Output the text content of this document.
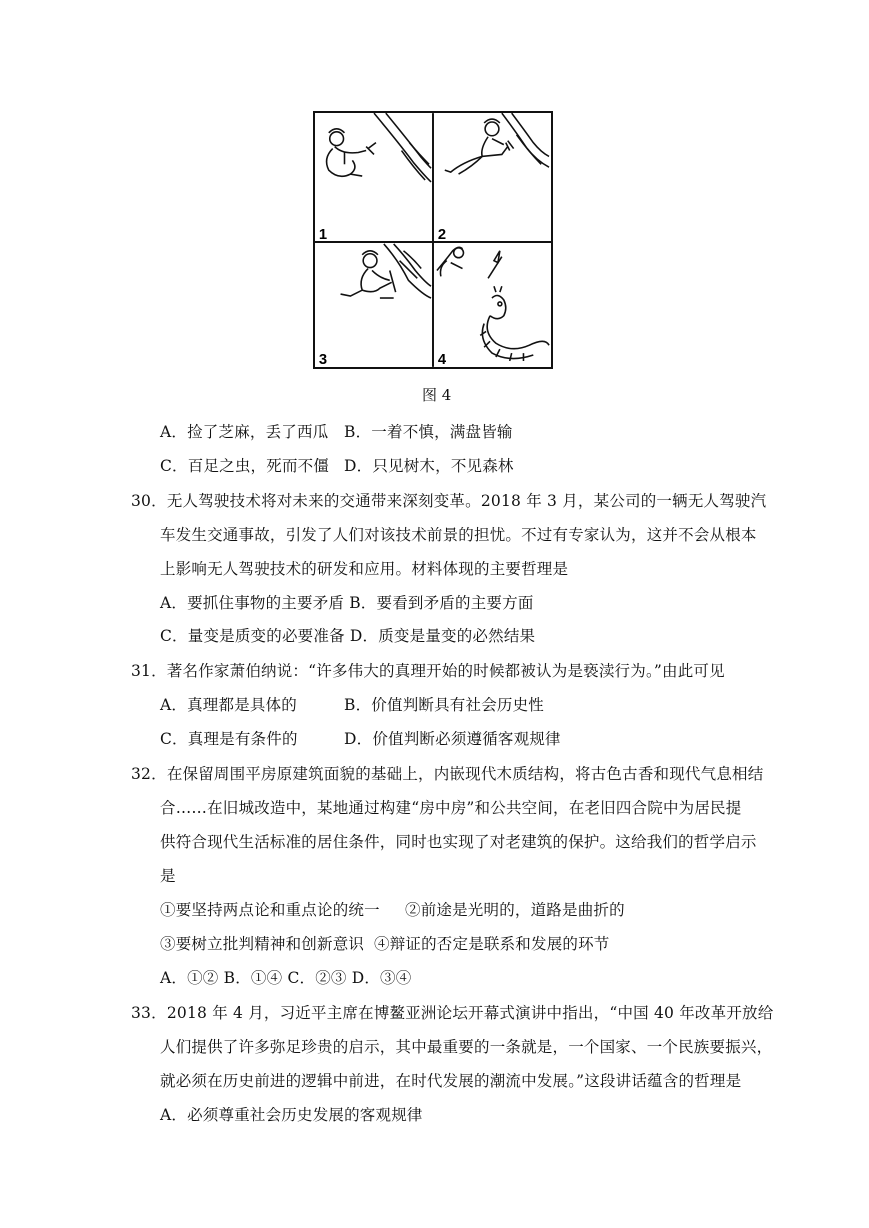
1	2
3	4
图 4
A．捡了芝麻，丢了西瓜 B．一着不慎，满盘皆输
C．百足之虫，死而不僵 D．只见树木，不见森林
30．无人驾驶技术将对未来的交通带来深刻变革。2018 年 3 月，某公司的一辆无人驾驶汽
车发生交通事故，引发了人们对该技术前景的担忧。不过有专家认为，这并不会从根本
上影响无人驾驶技术的研发和应用。材料体现的主要哲理是
A．要抓住事物的主要矛盾 B．要看到矛盾的主要方面
C．量变是质变的必要准备 D．质变是量变的必然结果
31．著名作家萧伯纳说：“许多伟大的真理开始的时候都被认为是亵渎行为。”由此可见
A．真理都是具体的	B．价值判断具有社会历史性
C．真理是有条件的	D．价值判断必须遵循客观规律
32．在保留周围平房原建筑面貌的基础上，内嵌现代木质结构，将古色古香和现代气息相结
合……在旧城改造中，某地通过构建“房中房”和公共空间，在老旧四合院中为居民提
供符合现代生活标准的居住条件，同时也实现了对老建筑的保护。这给我们的哲学启示
是
①要坚持两点论和重点论的统一 ②前途是光明的，道路是曲折的
③要树立批判精神和创新意识 ④辩证的否定是联系和发展的环节
A．①② B．①④ C．②③ D．③④
33．2018 年 4 月，习近平主席在博鳌亚洲论坛开幕式演讲中指出，“中国 40 年改革开放给
人们提供了许多弥足珍贵的启示，其中最重要的一条就是，一个国家、一个民族要振兴，
就必须在历史前进的逻辑中前进，在时代发展的潮流中发展。”这段讲话蕴含的哲理是
A．必须尊重社会历史发展的客观规律
